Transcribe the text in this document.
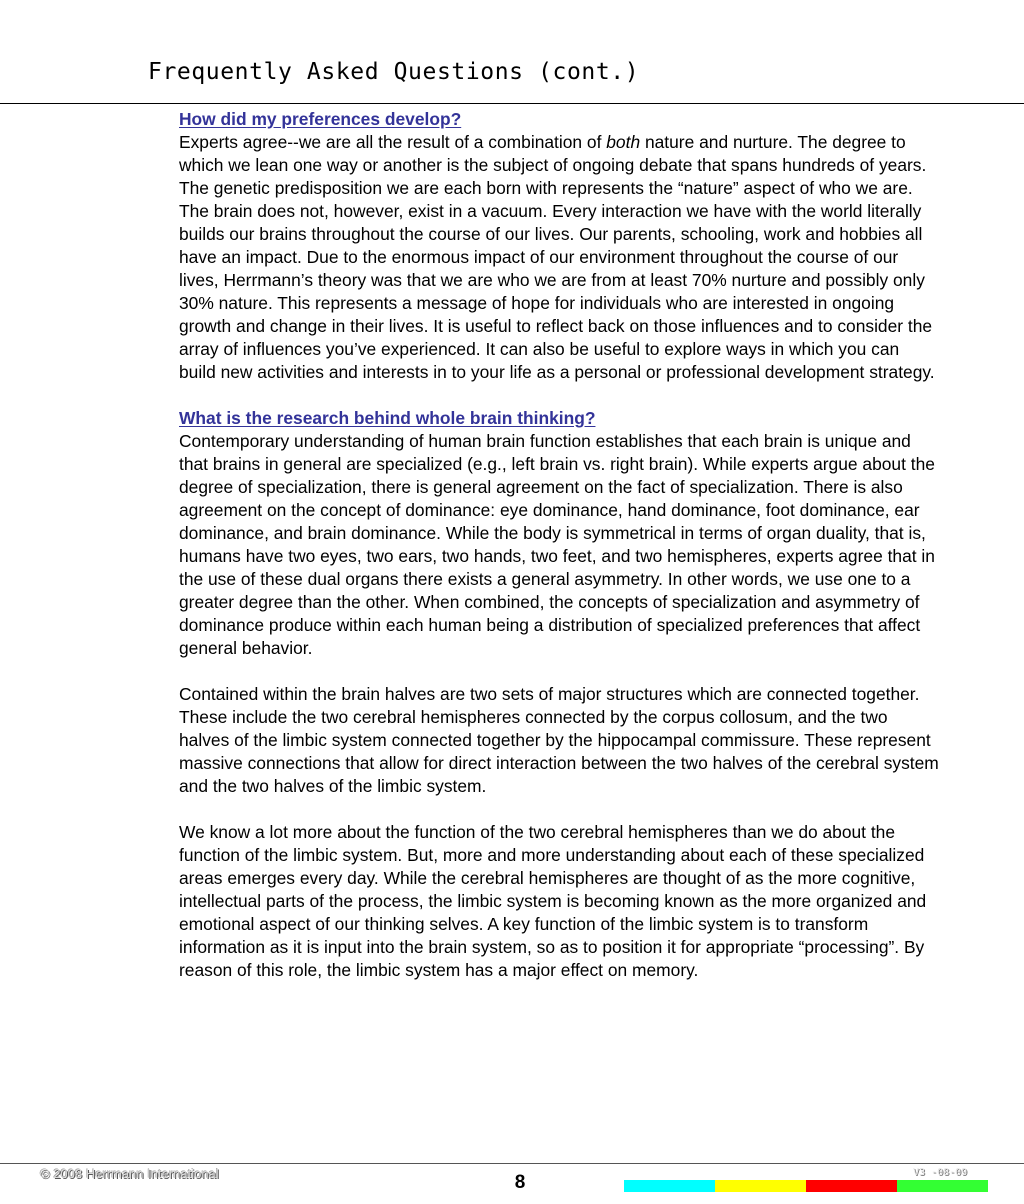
Frequently Asked Questions (cont.)

How did my preferences develop?

Experts agree--we are all the result of a combination of both nature and nurture. The degree to which we lean one way or another is the subject of ongoing debate that spans hundreds of years. The genetic predisposition we are each born with represents the “nature” aspect of who we are. The brain does not, however, exist in a vacuum. Every interaction we have with the world literally builds our brains throughout the course of our lives. Our parents, schooling, work and hobbies all have an impact. Due to the enormous impact of our environment throughout the course of our lives, Herrmann’s theory was that we are who we are from at least 70% nurture and possibly only 30% nature. This represents a message of hope for individuals who are interested in ongoing growth and change in their lives. It is useful to reflect back on those influences and to consider the array of influences you’ve experienced. It can also be useful to explore ways in which you can build new activities and interests in to your life as a personal or professional development strategy.

What is the research behind whole brain thinking?

Contemporary understanding of human brain function establishes that each brain is unique and that brains in general are specialized (e.g., left brain vs. right brain). While experts argue about the degree of specialization, there is general agreement on the fact of specialization. There is also agreement on the concept of dominance: eye dominance, hand dominance, foot dominance, ear dominance, and brain dominance. While the body is symmetrical in terms of organ duality, that is, humans have two eyes, two ears, two hands, two feet, and two hemispheres, experts agree that in the use of these dual organs there exists a general asymmetry. In other words, we use one to a greater degree than the other. When combined, the concepts of specialization and asymmetry of dominance produce within each human being a distribution of specialized preferences that affect general behavior.

Contained within the brain halves are two sets of major structures which are connected together. These include the two cerebral hemispheres connected by the corpus collosum, and the two halves of the limbic system connected together by the hippocampal commissure. These represent massive connections that allow for direct interaction between the two halves of the cerebral system and the two halves of the limbic system.

We know a lot more about the function of the two cerebral hemispheres than we do about the function of the limbic system. But, more and more understanding about each of these specialized areas emerges every day. While the cerebral hemispheres are thought of as the more cognitive, intellectual parts of the process, the limbic system is becoming known as the more organized and emotional aspect of our thinking selves. A key function of the limbic system is to transform information as it is input into the brain system, so as to position it for appropriate “processing”. By reason of this role, the limbic system has a major effect on memory.

© 2008 Herrmann International	8	V3 -08-09
